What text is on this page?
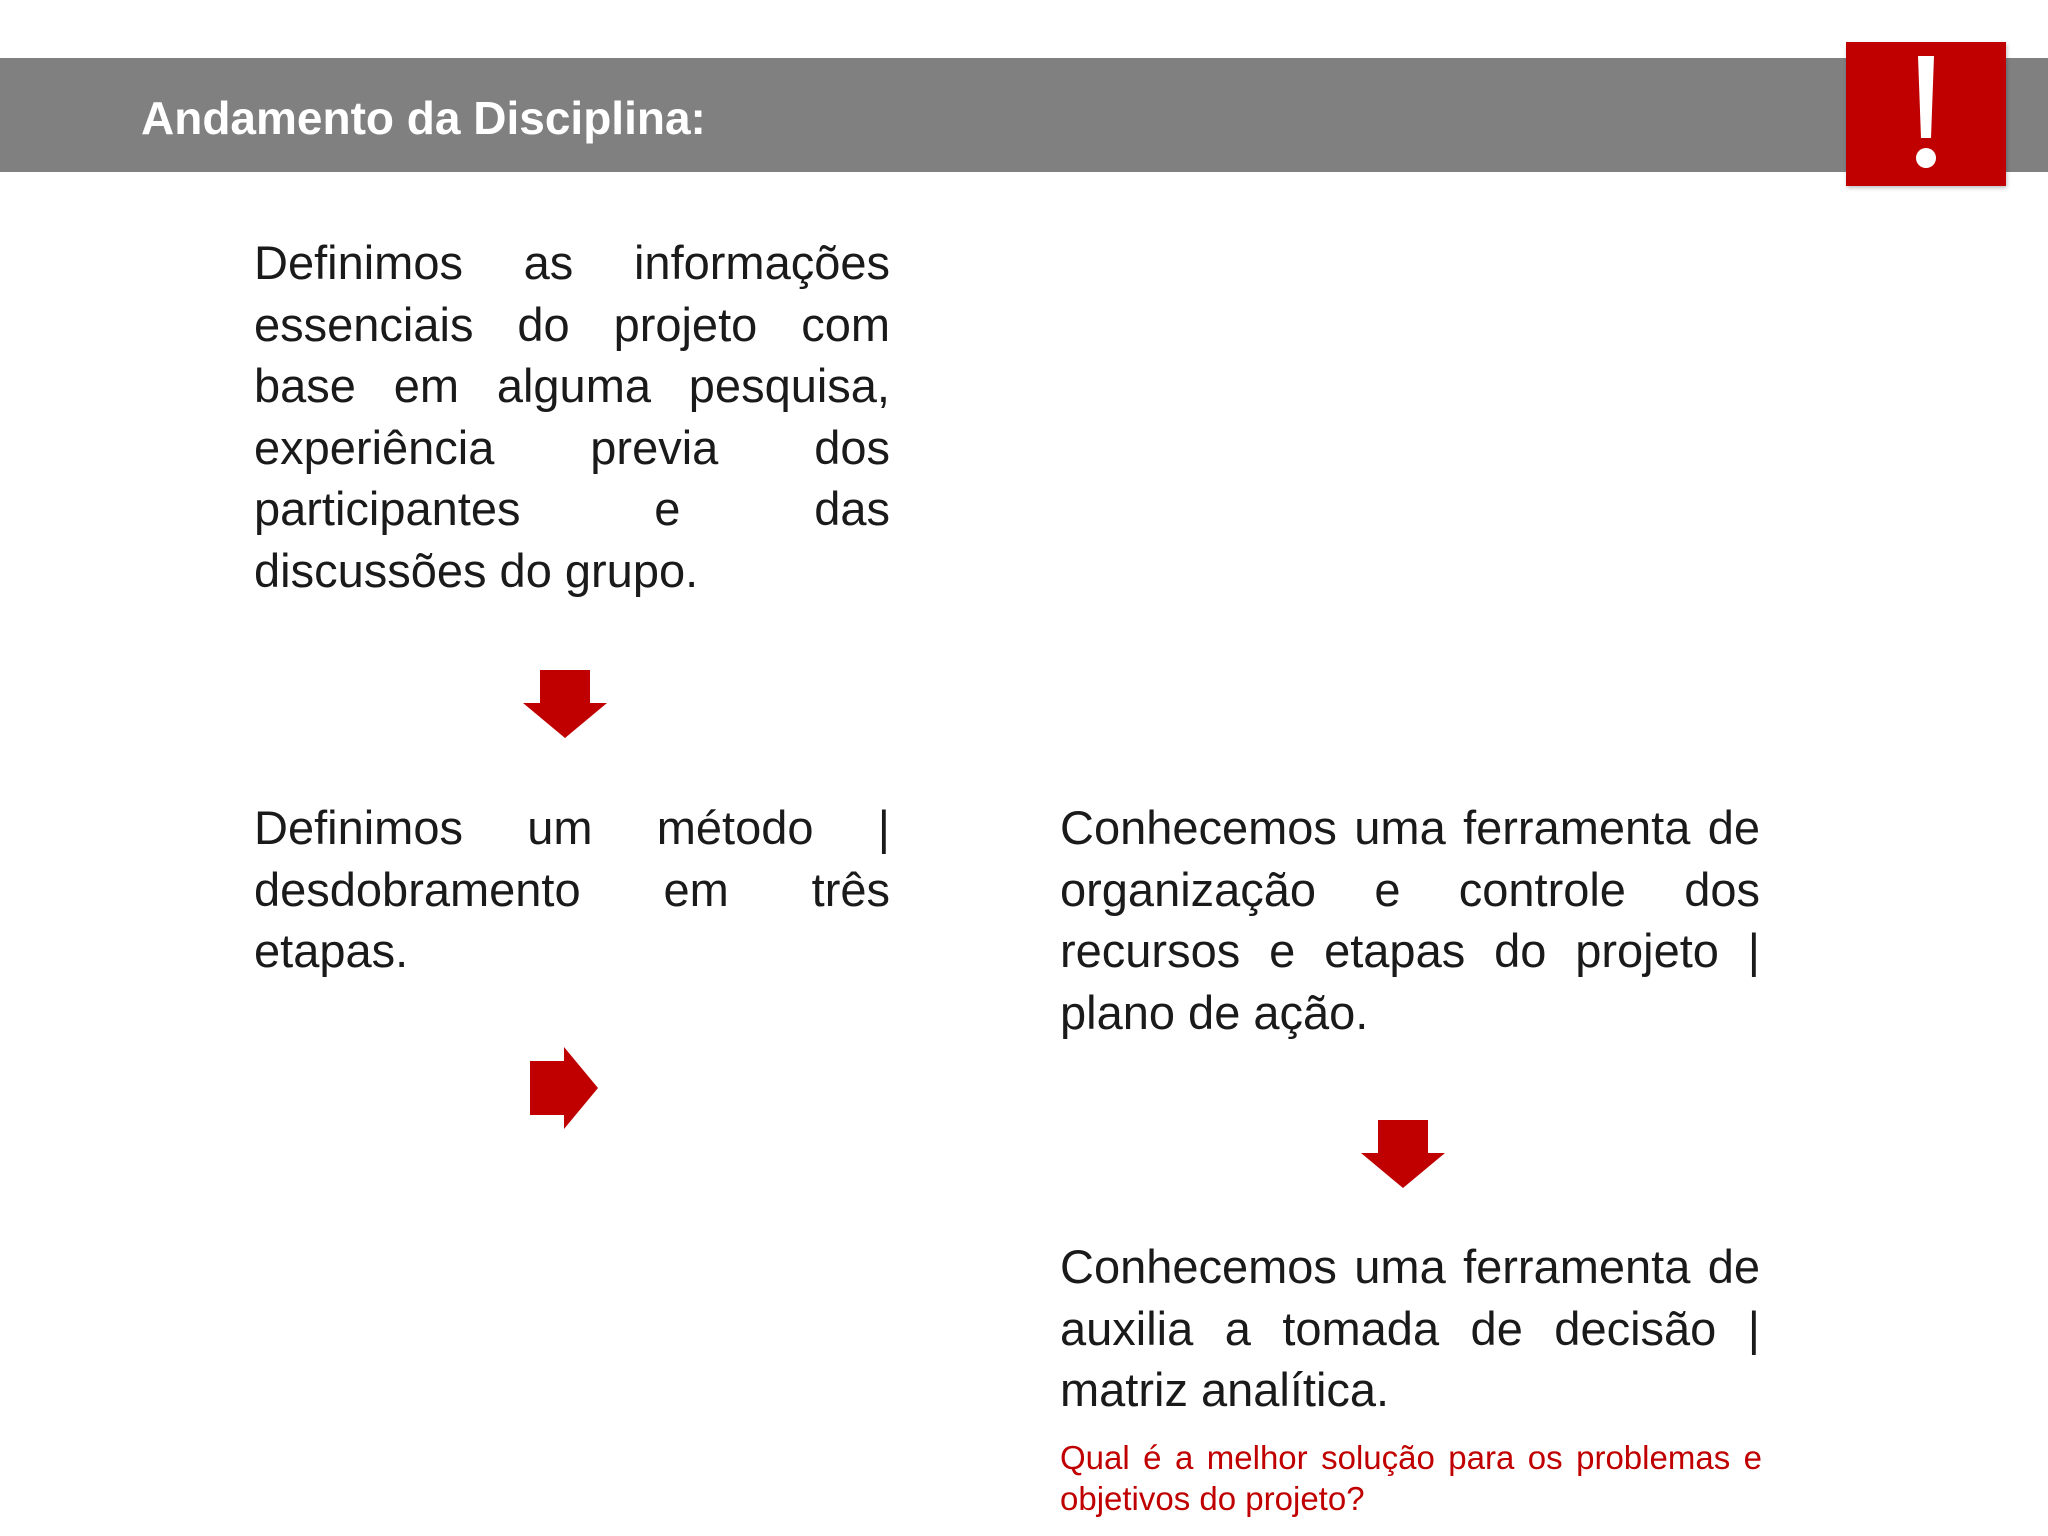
Andamento da Disciplina:
Definimos as informações essenciais do projeto com base em alguma pesquisa, experiência previa dos participantes e das discussões do grupo.
Definimos um método | desdobramento em três etapas.
Conhecemos uma ferramenta de organização e controle dos recursos e etapas do projeto | plano de ação.
Conhecemos uma ferramenta de auxilia a tomada de decisão | matriz analítica.
Qual é a melhor solução para os problemas e objetivos do projeto?
